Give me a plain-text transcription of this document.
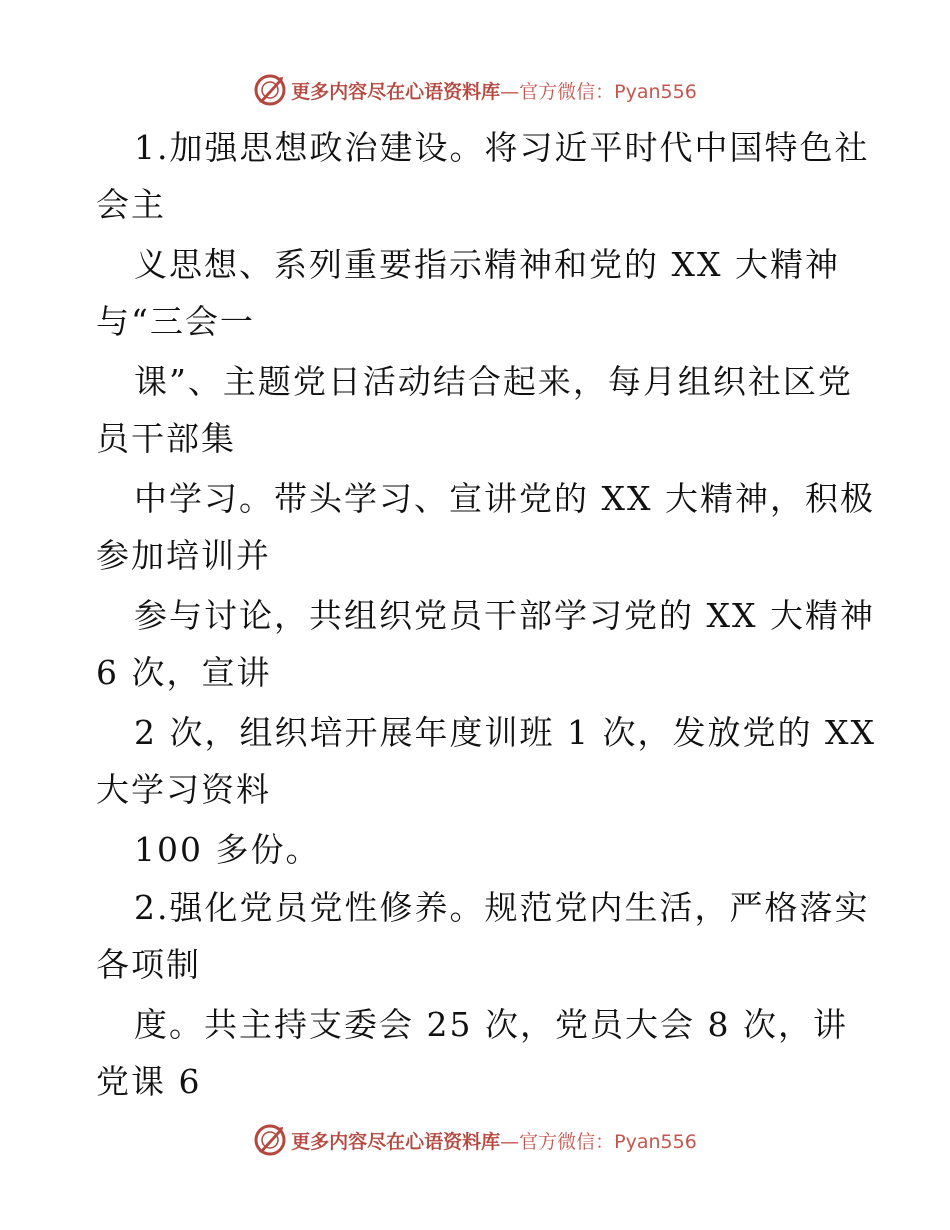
更多内容尽在心语资料库 —官方微信：Pyan556
1.加强思想政治建设。将习近平时代中国特色社
会主
义思想、系列重要指示精神和党的 XX 大精神
与“三会一
课”、主题党日活动结合起来，每月组织社区党
员干部集
中学习。带头学习、宣讲党的 XX 大精神，积极
参加培训并
参与讨论，共组织党员干部学习党的 XX 大精神
6 次，宣讲
2 次，组织培开展年度训班 1 次，发放党的 XX
大学习资料
100 多份。
2.强化党员党性修养。规范党内生活，严格落实
各项制
度。共主持支委会 25 次，党员大会 8 次，讲
党课 6
更多内容尽在心语资料库 —官方微信：Pyan556
